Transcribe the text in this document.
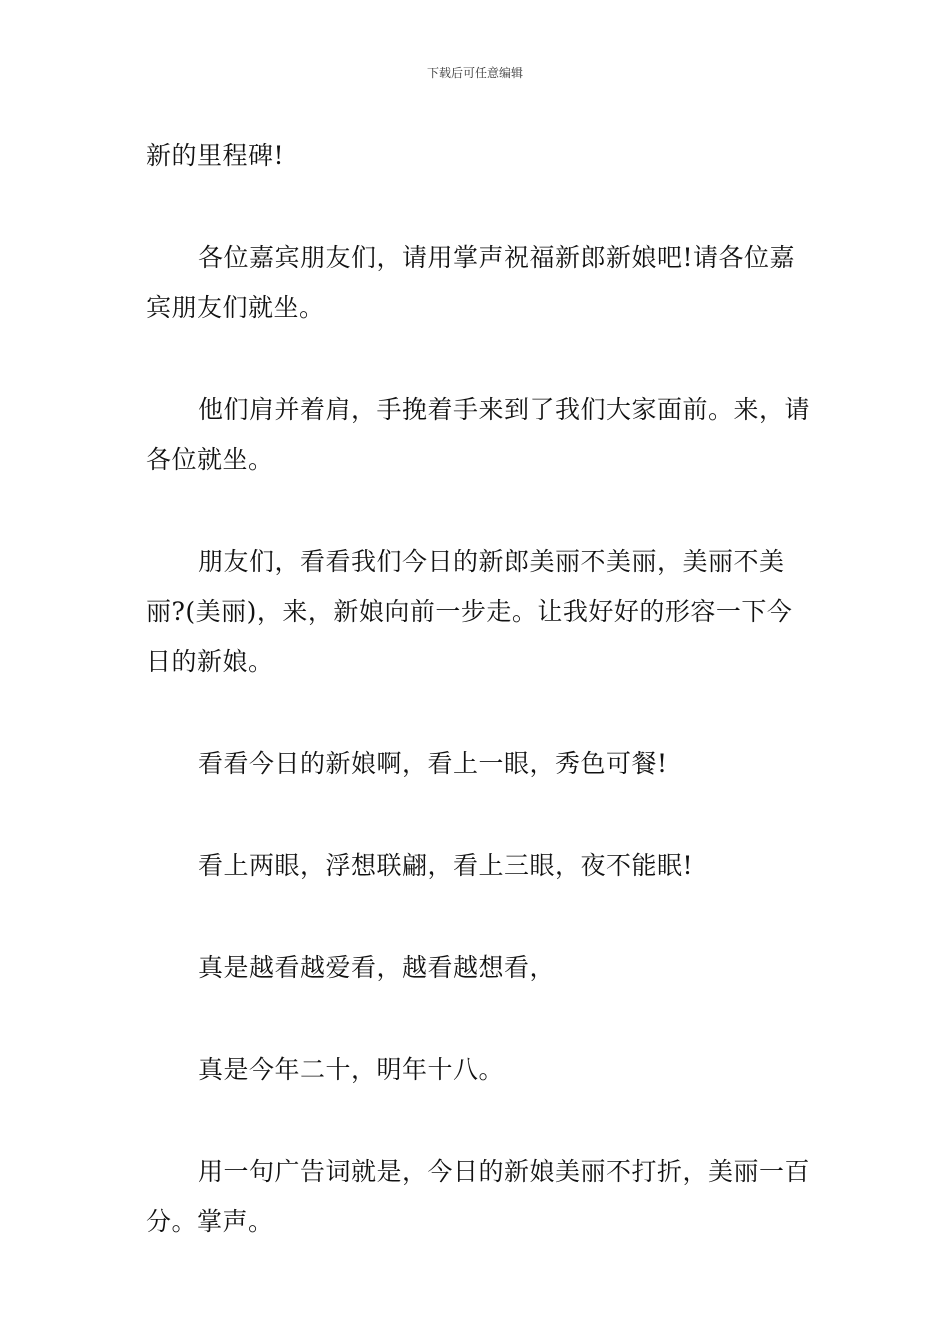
下载后可任意编辑

新的里程碑!

各位嘉宾朋友们，请用掌声祝福新郎新娘吧!请各位嘉宾朋友们就坐。

他们肩并着肩，手挽着手来到了我们大家面前。来，请各位就坐。

朋友们，看看我们今日的新郎美丽不美丽，美丽不美丽?(美丽)，来，新娘向前一步走。让我好好的形容一下今日的新娘。

看看今日的新娘啊，看上一眼，秀色可餐!

看上两眼，浮想联翩，看上三眼，夜不能眠!

真是越看越爱看，越看越想看，

真是今年二十，明年十八。

用一句广告词就是，今日的新娘美丽不打折，美丽一百分。掌声。
